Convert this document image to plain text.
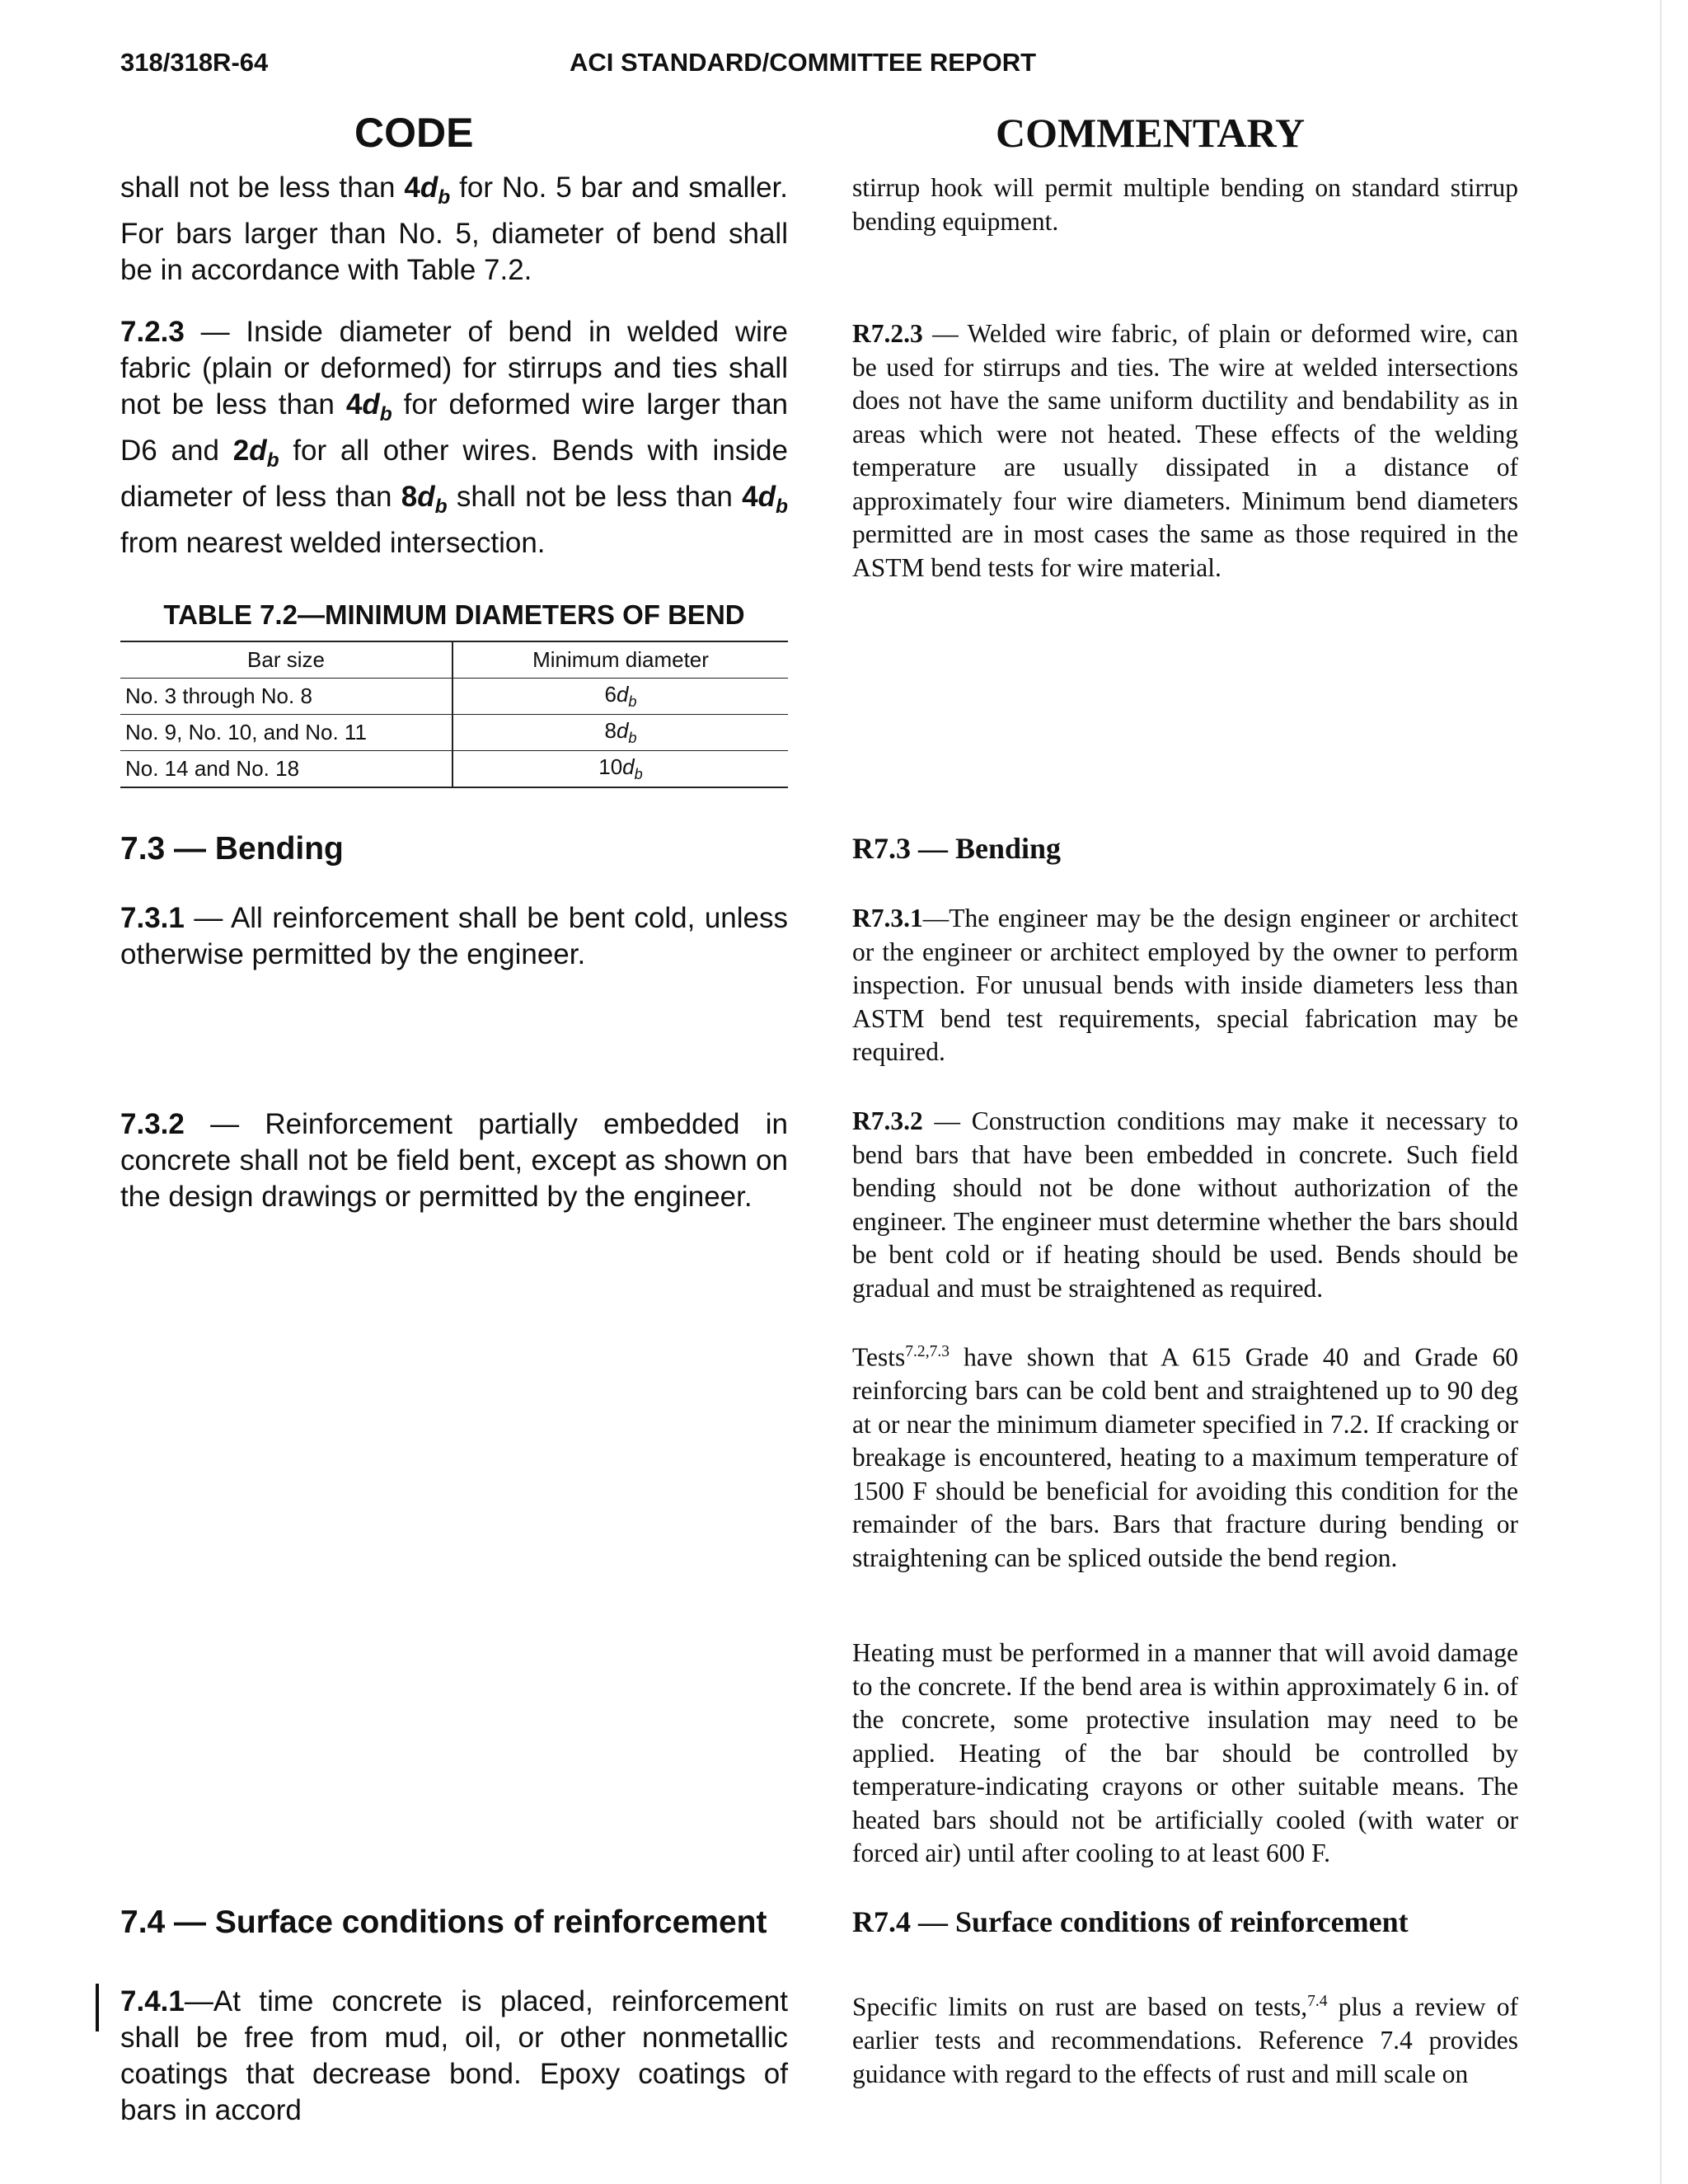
318/318R-64	ACI STANDARD/COMMITTEE REPORT
CODE	COMMENTARY
shall not be less than $4d_b$ for No. 5 bar and smaller. For bars larger than No. 5, diameter of bend shall be in accordance with Table 7.2.
7.2.3 — Inside diameter of bend in welded wire fabric (plain or deformed) for stirrups and ties shall not be less than $4d_b$ for deformed wire larger than D6 and $2d_b$ for all other wires. Bends with inside diameter of less than $8d_b$ shall not be less than $4d_b$ from nearest welded intersection.
TABLE 7.2—MINIMUM DIAMETERS OF BEND
Bar size	Minimum diameter
No. 3 through No. 8	$6d_b$
No. 9, No. 10, and No. 11	$8d_b$
No. 14 and No. 18	$10d_b$
7.3 — Bending
7.3.1 — All reinforcement shall be bent cold, unless otherwise permitted by the engineer.
7.3.2 — Reinforcement partially embedded in concrete shall not be field bent, except as shown on the design drawings or permitted by the engineer.
7.4 — Surface conditions of reinforcement
7.4.1—At time concrete is placed, reinforcement shall be free from mud, oil, or other nonmetallic coatings that decrease bond. Epoxy coatings of bars in accord
stirrup hook will permit multiple bending on standard stirrup bending equipment.
R7.2.3 — Welded wire fabric, of plain or deformed wire, can be used for stirrups and ties. The wire at welded intersections does not have the same uniform ductility and bendability as in areas which were not heated. These effects of the welding temperature are usually dissipated in a distance of approximately four wire diameters. Minimum bend diameters permitted are in most cases the same as those required in the ASTM bend tests for wire material.
R7.3 — Bending
R7.3.1—The engineer may be the design engineer or architect or the engineer or architect employed by the owner to perform inspection. For unusual bends with inside diameters less than ASTM bend test requirements, special fabrication may be required.
R7.3.2 — Construction conditions may make it necessary to bend bars that have been embedded in concrete. Such field bending should not be done without authorization of the engineer. The engineer must determine whether the bars should be bent cold or if heating should be used. Bends should be gradual and must be straightened as required.
Tests$^{7.2,7.3}$ have shown that A 615 Grade 40 and Grade 60 reinforcing bars can be cold bent and straightened up to 90 deg at or near the minimum diameter specified in 7.2. If cracking or breakage is encountered, heating to a maximum temperature of 1500 F should be beneficial for avoiding this condition for the remainder of the bars. Bars that fracture during bending or straightening can be spliced outside the bend region.
Heating must be performed in a manner that will avoid damage to the concrete. If the bend area is within approximately 6 in. of the concrete, some protective insulation may need to be applied. Heating of the bar should be controlled by temperature-indicating crayons or other suitable means. The heated bars should not be artificially cooled (with water or forced air) until after cooling to at least 600 F.
R7.4 — Surface conditions of reinforcement
Specific limits on rust are based on tests,$^{7.4}$ plus a review of earlier tests and recommendations. Reference 7.4 provides guidance with regard to the effects of rust and mill scale on
